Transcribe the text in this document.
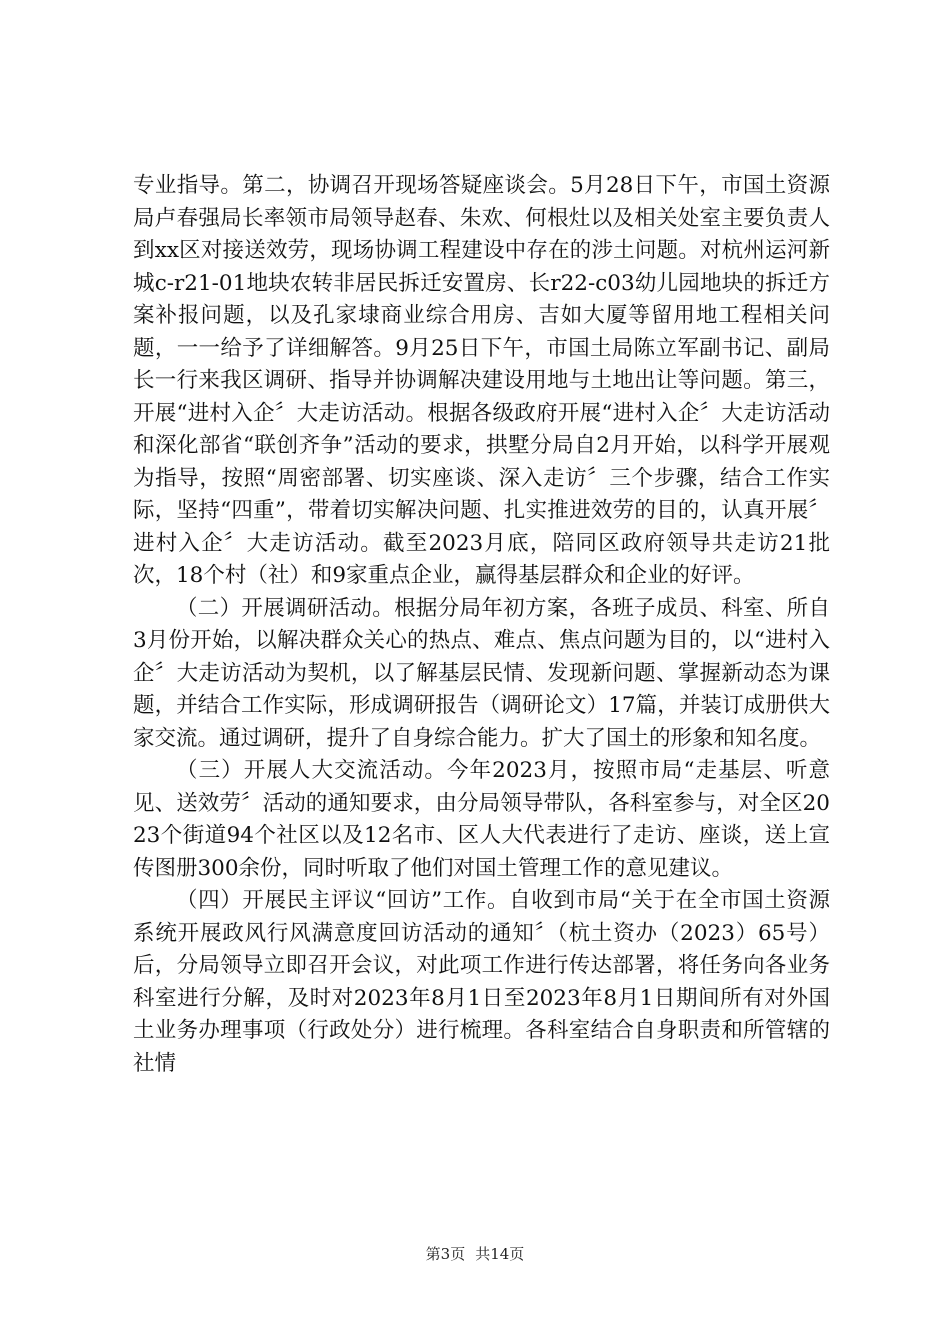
专业指导。第二，协调召开现场答疑座谈会。5月28日下午，市国土资源局卢春强局长率领市局领导赵春、朱欢、何根灶以及相关处室主要负责人到xx区对接送效劳，现场协调工程建设中存在的涉土问题。对杭州运河新城c-r21-01地块农转非居民拆迁安置房、长r22-c03幼儿园地块的拆迁方案补报问题，以及孔家埭商业综合用房、吉如大厦等留用地工程相关问题，一一给予了详细解答。9月25日下午，市国土局陈立军副书记、副局长一行来我区调研、指导并协调解决建设用地与土地出让等问题。第三，开展“进村入企〞大走访活动。根据各级政府开展“进村入企〞大走访活动和深化部省“联创齐争”活动的要求，拱墅分局自2月开始，以科学开展观为指导，按照“周密部署、切实座谈、深入走访〞三个步骤，结合工作实际，坚持“四重”，带着切实解决问题、扎实推进效劳的目的，认真开展〞进村入企〞大走访活动。截至2023月底，陪同区政府领导共走访21批次，18个村（社）和9家重点企业，赢得基层群众和企业的好评。

（二）开展调研活动。根据分局年初方案，各班子成员、科室、所自3月份开始，以解决群众关心的热点、难点、焦点问题为目的，以“进村入企〞大走访活动为契机，以了解基层民情、发现新问题、掌握新动态为课题，并结合工作实际，形成调研报告（调研论文）17篇，并装订成册供大家交流。通过调研，提升了自身综合能力。扩大了国土的形象和知名度。

（三）开展人大交流活动。今年2023月，按照市局“走基层、听意见、送效劳〞活动的通知要求，由分局领导带队，各科室参与，对全区2023个街道94个社区以及12名市、区人大代表进行了走访、座谈，送上宣传图册300余份，同时听取了他们对国土管理工作的意见建议。

（四）开展民主评议“回访”工作。自收到市局“关于在全市国土资源系统开展政风行风满意度回访活动的通知〞（杭土资办（2023）65号）后，分局领导立即召开会议，对此项工作进行传达部署，将任务向各业务科室进行分解，及时对2023年8月1日至2023年8月1日期间所有对外国土业务办理事项（行政处分）进行梳理。各科室结合自身职责和所管辖的社情

第3页 共14页
